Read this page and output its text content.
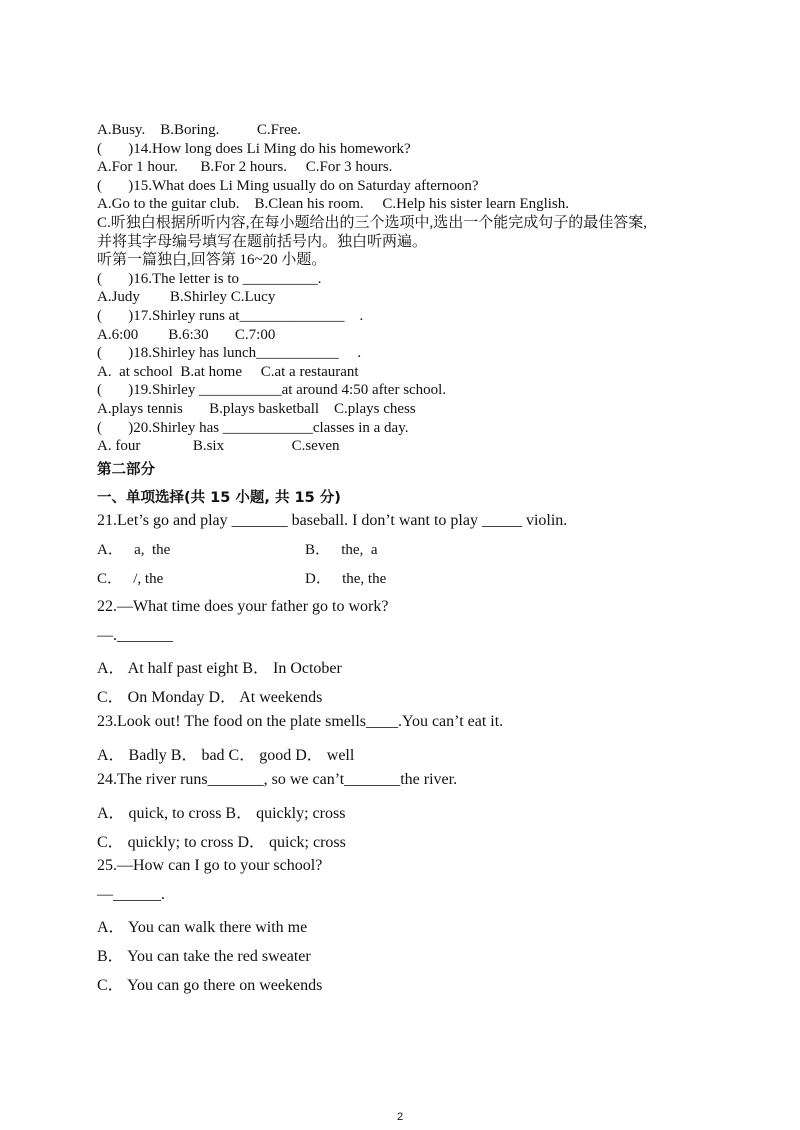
A.Busy.    B.Boring.          C.Free.
(       )14.How long does Li Ming do his homework?
A.For 1 hour.      B.For 2 hours.     C.For 3 hours.
(       )15.What does Li Ming usually do on Saturday afternoon?
A.Go to the guitar club.    B.Clean his room.     C.Help his sister learn English.
C.听独白根据所听内容,在每小题给出的三个选项中,选出一个能完成句子的最佳答案,
并将其字母编号填写在题前括号内。独白听两遍。
听第一篇独白,回答第 16~20 小题。
(       )16.The letter is to __________.
A.Judy        B.Shirley C.Lucy
(       )17.Shirley runs at______________    .
A.6:00        B.6:30       C.7:00
(       )18.Shirley has lunch___________     .
A.  at school  B.at home     C.at a restaurant
(       )19.Shirley ___________at around 4:50 after school.
A.plays tennis       B.plays basketball    C.plays chess
(       )20.Shirley has ____________classes in a day.
A. four              B.six                  C.seven
第二部分
一、单项选择(共 15 小题, 共 15 分)
21.Let’s go and play _______ baseball. I don’t want to play _____ violin.
A．   a,  the	B．   the,  a
C．   /, the	D．   the, the
22.—What time does your father go to work?
—._______
A． At half past eight B． In October
C． On Monday D． At weekends
23.Look out! The food on the plate smells____.You can’t eat it.
A． Badly B． bad C． good D． well
24.The river runs_______, so we can’t_______the river.
A． quick, to cross B． quickly; cross
C． quickly; to cross D． quick; cross
25.—How can I go to your school?
—______.
A． You can walk there with me
B． You can take the red sweater
C． You can go there on weekends
2
